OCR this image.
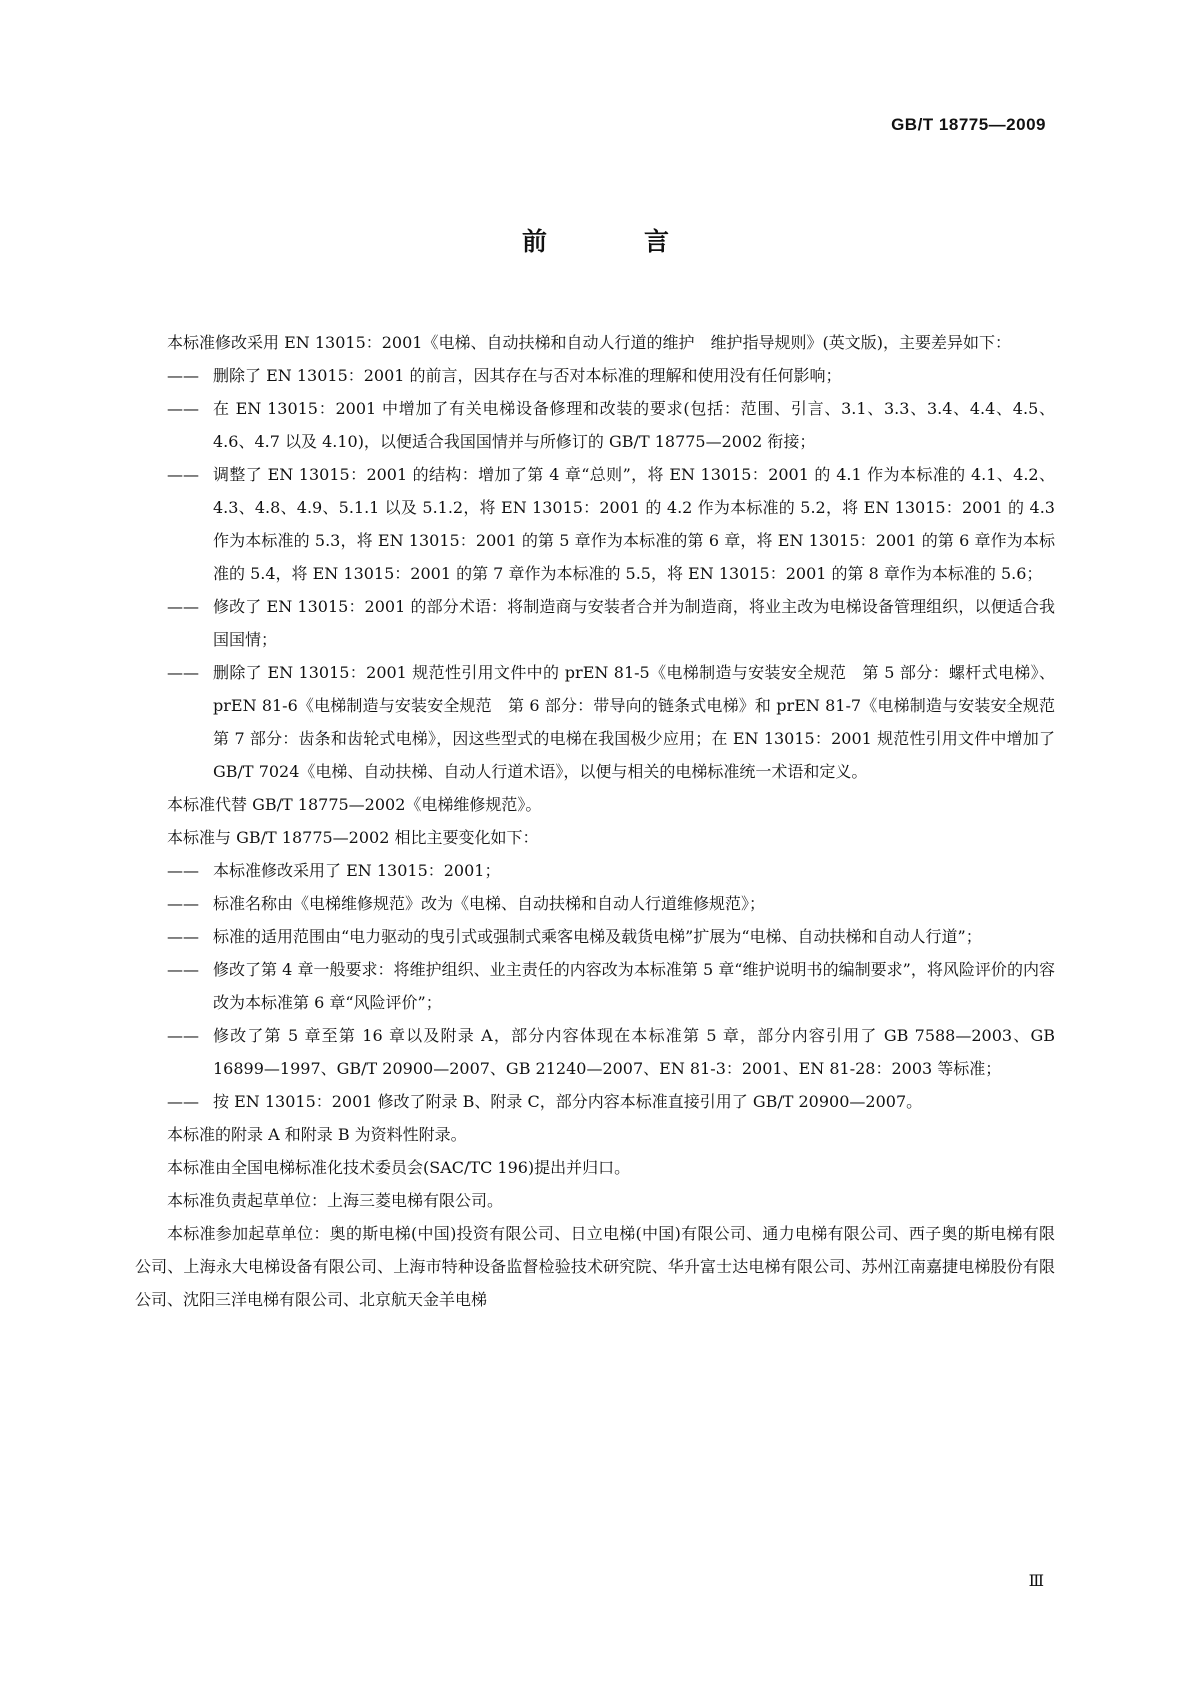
GB/T 18775—2009
前　言

本标准修改采用 EN 13015：2001《电梯、自动扶梯和自动人行道的维护　维护指导规则》(英文版)，主要差异如下：

—— 删除了 EN 13015：2001 的前言，因其存在与否对本标准的理解和使用没有任何影响；

—— 在 EN 13015：2001 中增加了有关电梯设备修理和改装的要求(包括：范围、引言、3.1、3.3、3.4、4.4、4.5、4.6、4.7 以及 4.10)，以便适合我国国情并与所修订的 GB/T 18775—2002 衔接；

—— 调整了 EN 13015：2001 的结构：增加了第 4 章“总则”，将 EN 13015：2001 的 4.1 作为本标准的 4.1、4.2、4.3、4.8、4.9、5.1.1 以及 5.1.2，将 EN 13015：2001 的 4.2 作为本标准的 5.2，将 EN 13015：2001 的 4.3 作为本标准的 5.3，将 EN 13015：2001 的第 5 章作为本标准的第 6 章，将 EN 13015：2001 的第 6 章作为本标准的 5.4，将 EN 13015：2001 的第 7 章作为本标准的 5.5，将 EN 13015：2001 的第 8 章作为本标准的 5.6；

—— 修改了 EN 13015：2001 的部分术语：将制造商与安装者合并为制造商，将业主改为电梯设备管理组织，以便适合我国国情；

—— 删除了 EN 13015：2001 规范性引用文件中的 prEN 81-5《电梯制造与安装安全规范　第 5 部分：螺杆式电梯》、prEN 81-6《电梯制造与安装安全规范　第 6 部分：带导向的链条式电梯》和 prEN 81-7《电梯制造与安装安全规范　第 7 部分：齿条和齿轮式电梯》，因这些型式的电梯在我国极少应用；在 EN 13015：2001 规范性引用文件中增加了 GB/T 7024《电梯、自动扶梯、自动人行道术语》，以便与相关的电梯标准统一术语和定义。

本标准代替 GB/T 18775—2002《电梯维修规范》。

本标准与 GB/T 18775—2002 相比主要变化如下：

—— 本标准修改采用了 EN 13015：2001；

—— 标准名称由《电梯维修规范》改为《电梯、自动扶梯和自动人行道维修规范》；

—— 标准的适用范围由“电力驱动的曳引式或强制式乘客电梯及载货电梯”扩展为“电梯、自动扶梯和自动人行道”；

—— 修改了第 4 章一般要求：将维护组织、业主责任的内容改为本标准第 5 章“维护说明书的编制要求”，将风险评价的内容改为本标准第 6 章“风险评价”；

—— 修改了第 5 章至第 16 章以及附录 A，部分内容体现在本标准第 5 章，部分内容引用了 GB 7588—2003、GB 16899—1997、GB/T 20900—2007、GB 21240—2007、EN 81-3：2001、EN 81-28：2003 等标准；

—— 按 EN 13015：2001 修改了附录 B、附录 C，部分内容本标准直接引用了 GB/T 20900—2007。

本标准的附录 A 和附录 B 为资料性附录。

本标准由全国电梯标准化技术委员会(SAC/TC 196)提出并归口。

本标准负责起草单位：上海三菱电梯有限公司。

本标准参加起草单位：奥的斯电梯(中国)投资有限公司、日立电梯(中国)有限公司、通力电梯有限公司、西子奥的斯电梯有限公司、上海永大电梯设备有限公司、上海市特种设备监督检验技术研究院、华升富士达电梯有限公司、苏州江南嘉捷电梯股份有限公司、沈阳三洋电梯有限公司、北京航天金羊电梯

Ⅲ
